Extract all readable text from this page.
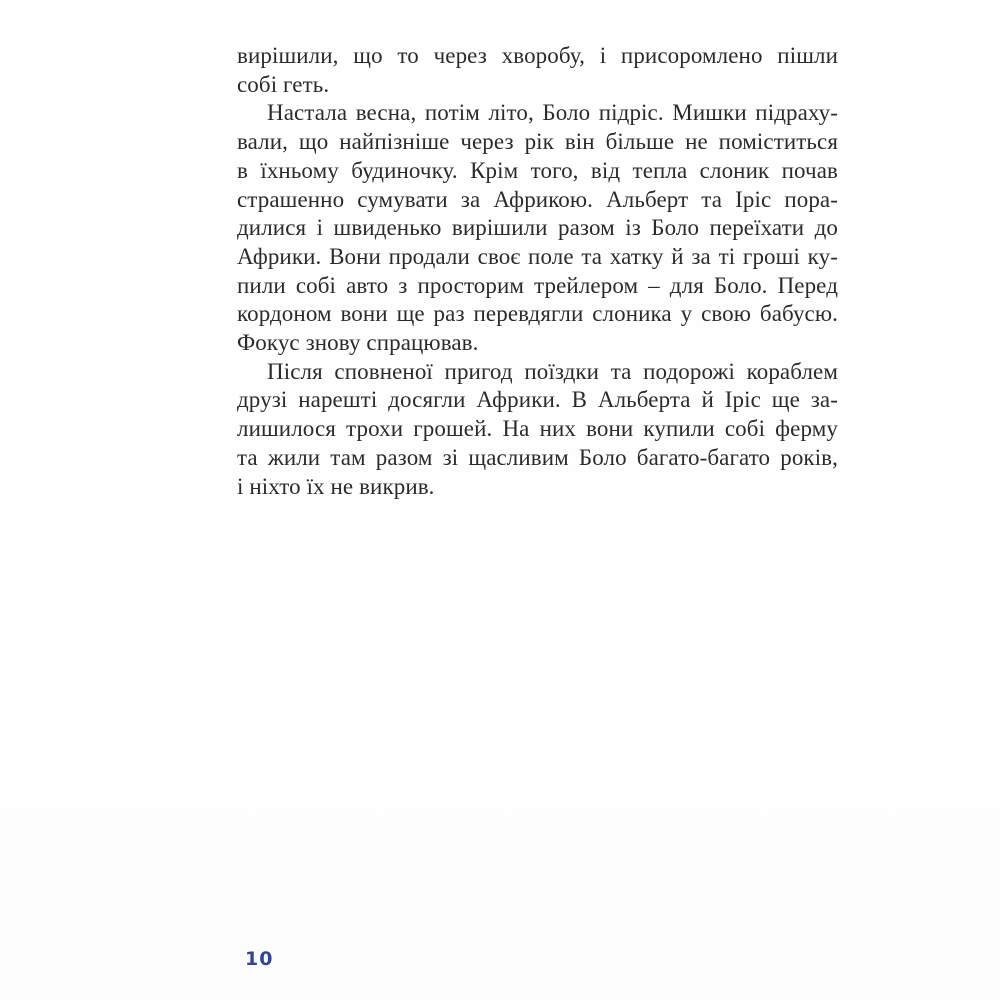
вирішили, що то через хворобу, і присоромлено пішли
собі геть.
Настала весна, потім літо, Боло підріс. Мишки підраху-
вали, що найпізніше через рік він більше не поміститься
в їхньому будиночку. Крім того, від тепла слоник почав
страшенно сумувати за Африкою. Альберт та Іріс пора-
дилися і швиденько вирішили разом із Боло переїхати до
Африки. Вони продали своє поле та хатку й за ті гроші ку-
пили собі авто з просторим трейлером – для Боло. Перед
кордоном вони ще раз перевдягли слоника у свою бабусю.
Фокус знову спрацював.
Після сповненої пригод поїздки та подорожі кораблем
друзі нарешті досягли Африки. В Альберта й Іріс ще за-
лишилося трохи грошей. На них вони купили собі ферму
та жили там разом зі щасливим Боло багато-багато років,
і ніхто їх не викрив.
10
